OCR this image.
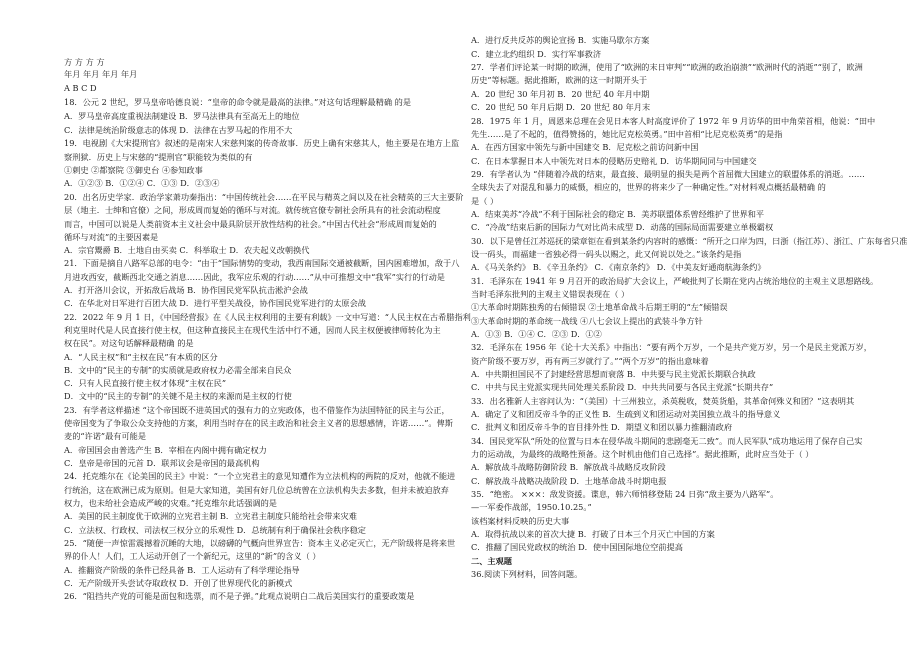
方 方 方 方
年月 年月 年月 年月
A B C D
18．公元 2 世纪，罗马皇帝哈德良说：“皇帝的命令就是最高的法律。”对这句话理解最精确 的是
A．罗马皇帝高度重视法制建设 B．罗马法律具有至高无上的地位
C．法律是统治阶级意志的体现 D．法律在古罗马起的作用不大
19．电视剧《大宋提刑官》叙述的是南宋人宋慈判案的传奇故事．历史上确有宋慈其人，他主要是在地方上监
察刑狱．历史上与宋慈的“提刑官”职能较为类似的有
①刺史 ②都察院 ③御史台 ④参知政事
A．①②③ B．①②④ C．①③ D．②③④
20．出名历史学家．政治学家萧功秦指出：“中国传统社会……在平民与精英之间以及在社会精英的三大主要阶
层（地主．士绅和官僚）之间，形成周而复始的循环与对流。就传统官僚专制社会所具有的社会流动程度
而言，中国可以说是人类前资本主义社会中最具阶层开放性结构的社会。”中国古代社会“形成周而复始的
循环与对流”的主要因素是
A．宗官鬻爵 B．土地自由买卖 C．科举取士 D．农夫起义改朝换代
21．下面是摘自八路军总部的电令：“由于“国际情势的变动，我西南国际交通被截断，国内困难增加，敌于八
月进攻西安，截断西北交通之消息……因此，我军应乐观的行动……”从中可推想文中“我军”实行的行动是
A．打开洛川会议，开拓敌后战场 B．协作国民党军队抗击淞沪会战
C．在华北对日军进行百团大战 D．进行平型关战役，协作国民党军进行的太原会战
22．2022 年 9 月 1 日，《中国经营报》在《人民主权利用的主要有利载》一文中写道：“人民主权在古希腊指利
利克里时代是人民直接行使主权，但这种直接民主在现代生活中行不通，因而人民主权便被律师转化为主
权在民”。对这句话解释最精确 的是
A．“人民主权”和“主权在民”有本质的区分
B．文中的“民主的专制”的实质就是政府权力必需全部来自民众
C．只有人民直接行使主权才体现“主权在民”
D．文中的“民主的专制”的关键不是主权的来源而是主权的行使
23．有学者这样描述 “这个帝国既不进英国式的强有力的立宪政体，也不借鉴作为法国特征的民主与公正，
使帝国变为了争取公众支持他的方案，利用当时存在的民主政治和社会主义者的思想感情，许诺……”。俾斯
麦的“许诺”最有可能是
A．帝国国会由普选产生 B．宰相在内阁中拥有确定权力
C．皇帝是帝国的元首 D．联邦议会是帝国的最高机构
24．托克维尔在《论美国的民主》中说：“一个立宪君主的意见知遭作为立法机构的两院的反对，他就不能进
行统治，这在欧洲已成为原则。但是大家知道，美国有好几位总统曾在立法机构失去多数，但并未被迫放弃
权力，也未给社会造成严峻的灾难。”托克维尔此话强调的是
A．美国的民主制度优于欧洲的立宪君主制 B．立宪君主制度只能给社会带来灾难
C．立法权、行政权、司法权三权分立的乐观性 D．总统制有利于确保社会秩序稳定
25．“随便一声惊雷震撼着沉睡的大地，以磅礴的气概向世界宣告：资本主义必定灭亡，无产阶级将是将来世
界的仆人！人们，工人运动开创了一个新纪元，这里的“新”的含义（ ）
A．推翻资产阶级的条件已经具备 B．工人运动有了科学理论指导
C．无产阶级开头尝试夺取政权 D．开创了世界现代化的新模式
26．“阻挡共产党的可能是面包和选票，而不是子弹。”此观点说明白二战后美国实行的重要政策是
A．进行反共反苏的舆论宣扬 B．实施马歇尔方案
C．建立北约组织 D．实行军事救济
27．学者们评论某一时期的欧洲，使用了“欧洲的末日审判”“欧洲的政治崩溃”“欧洲时代的消逝”“别了，欧洲
历史”等标题。据此推断，欧洲的这一时期开头于
A．20 世纪 30 年月初 B．20 世纪 40 年月中期
C．20 世纪 50 年月后期 D．20 世纪 80 年月末
28．1975 年 1 月，周恩来总理在会见日本客人时高度评价了 1972 年 9 月访华的田中角荣首相，他说：“田中
先生……是了不起的，值得赞扬的，她比尼克松英勇。”田中首相“比尼克松英勇”的是指
A．在西方国家中领先与新中国建交 B．尼克松之前访问新中国
C．在日本掌握日本人中领先对日本的侵略历史赔礼 D．访华期间同与中国建交
29．有学者认为 “伴随着冷战的结束，最直接、最明显的损失是两个首屈微大国建立的联盟体系的消逝。……
全球失去了对混乱和暴力的威慑，相应的，世界的将来少了一种确定性。”对材料观点概括最精确 的
是（ ）
A．结束美苏“冷战”不利于国际社会的稳定 B．美苏联盟体系曾经维护了世界和平
C．“冷战”结束后新的国际力气对比尚未成型 D．动荡的国际局面需要建立单极霸权
30．以下是曾任江苏巡抚的梁章钜在看到某条约内容时的感慨：“所开之口岸为四，曰浙（指江苏）、浙江、广东每省只准
设一码头，而福建一省独必得一码头以赐之，此又何说以处之。”该条约是指
A．《马关条约》 B．《辛丑条约》 C．《南京条约》 D．《中美友好通商航海条约》
31．毛泽东在 1941 年 9 月召开的政治局扩大会议上，严峻批判了长期在党内占统治地位的主观主义思想路线。
当时毛泽东批判的主观主义错误表现在（ ）
①大革命时期陈独秀的右倾错误 ②土地革命战斗后期王明的“左”倾错误
③大革命时期的革命统一战线 ④八七会议上提出的武装斗争方针
A．①③ B．①④ C．②③ D．①②
32．毛泽东在 1956 年《论十大关系》中指出：“要有两个万岁，一个是共产党万岁，另一个是民主党派万岁，
资产阶级不要万岁，再有两三岁就行了。”“两个万岁”的指出意味着
A．中共期担国民不了封建经营思想而衰落 B．中共要与民主党派长期联合执政
C．中共与民主党派实现共同处理关系阶段 D．中共共同要与各民主党派“长期共存”
33．出名雅新人主容问认为：“（美国）十三州独立，杀英税收，焚英货船，其革命何殊义和团？”这表明其
A．确定了义和团反帝斗争的正义性 B．生疏到义和团运动对美国独立战斗的指导意义
C．批判义和团反帝斗争的盲目排外性 D．期望义和团以暴力推翻清政府
34．国民党军队“所处的位置与日本在侵华战斗期间的悲剧毫无二致”。而人民军队“成功地运用了保存自己实
力的运动战，为最终的战略性预备。这个时机由他们自己选择”。据此推断，此时应当处于（ ）
A．解放战斗战略防御阶段 B．解放战斗战略反攻阶段
C．解放战斗战略决战阶段 D．土地革命战斗时期电报
35．“绝密。 ×××：敌发资援。谍息，韩六师悄移登陆 24 日弥“敌主要为八路军”。
—一军委作战部，1950.10.25。”
该档案材料反映的历史大事
A．取得抗战以来的首次大捷 B．打破了日本三个月灭亡中国的方案
C．推翻了国民党政权的统治 D．使中国国际地位空前提高
二、主观题
36.阅读下列材料，回答问题。
